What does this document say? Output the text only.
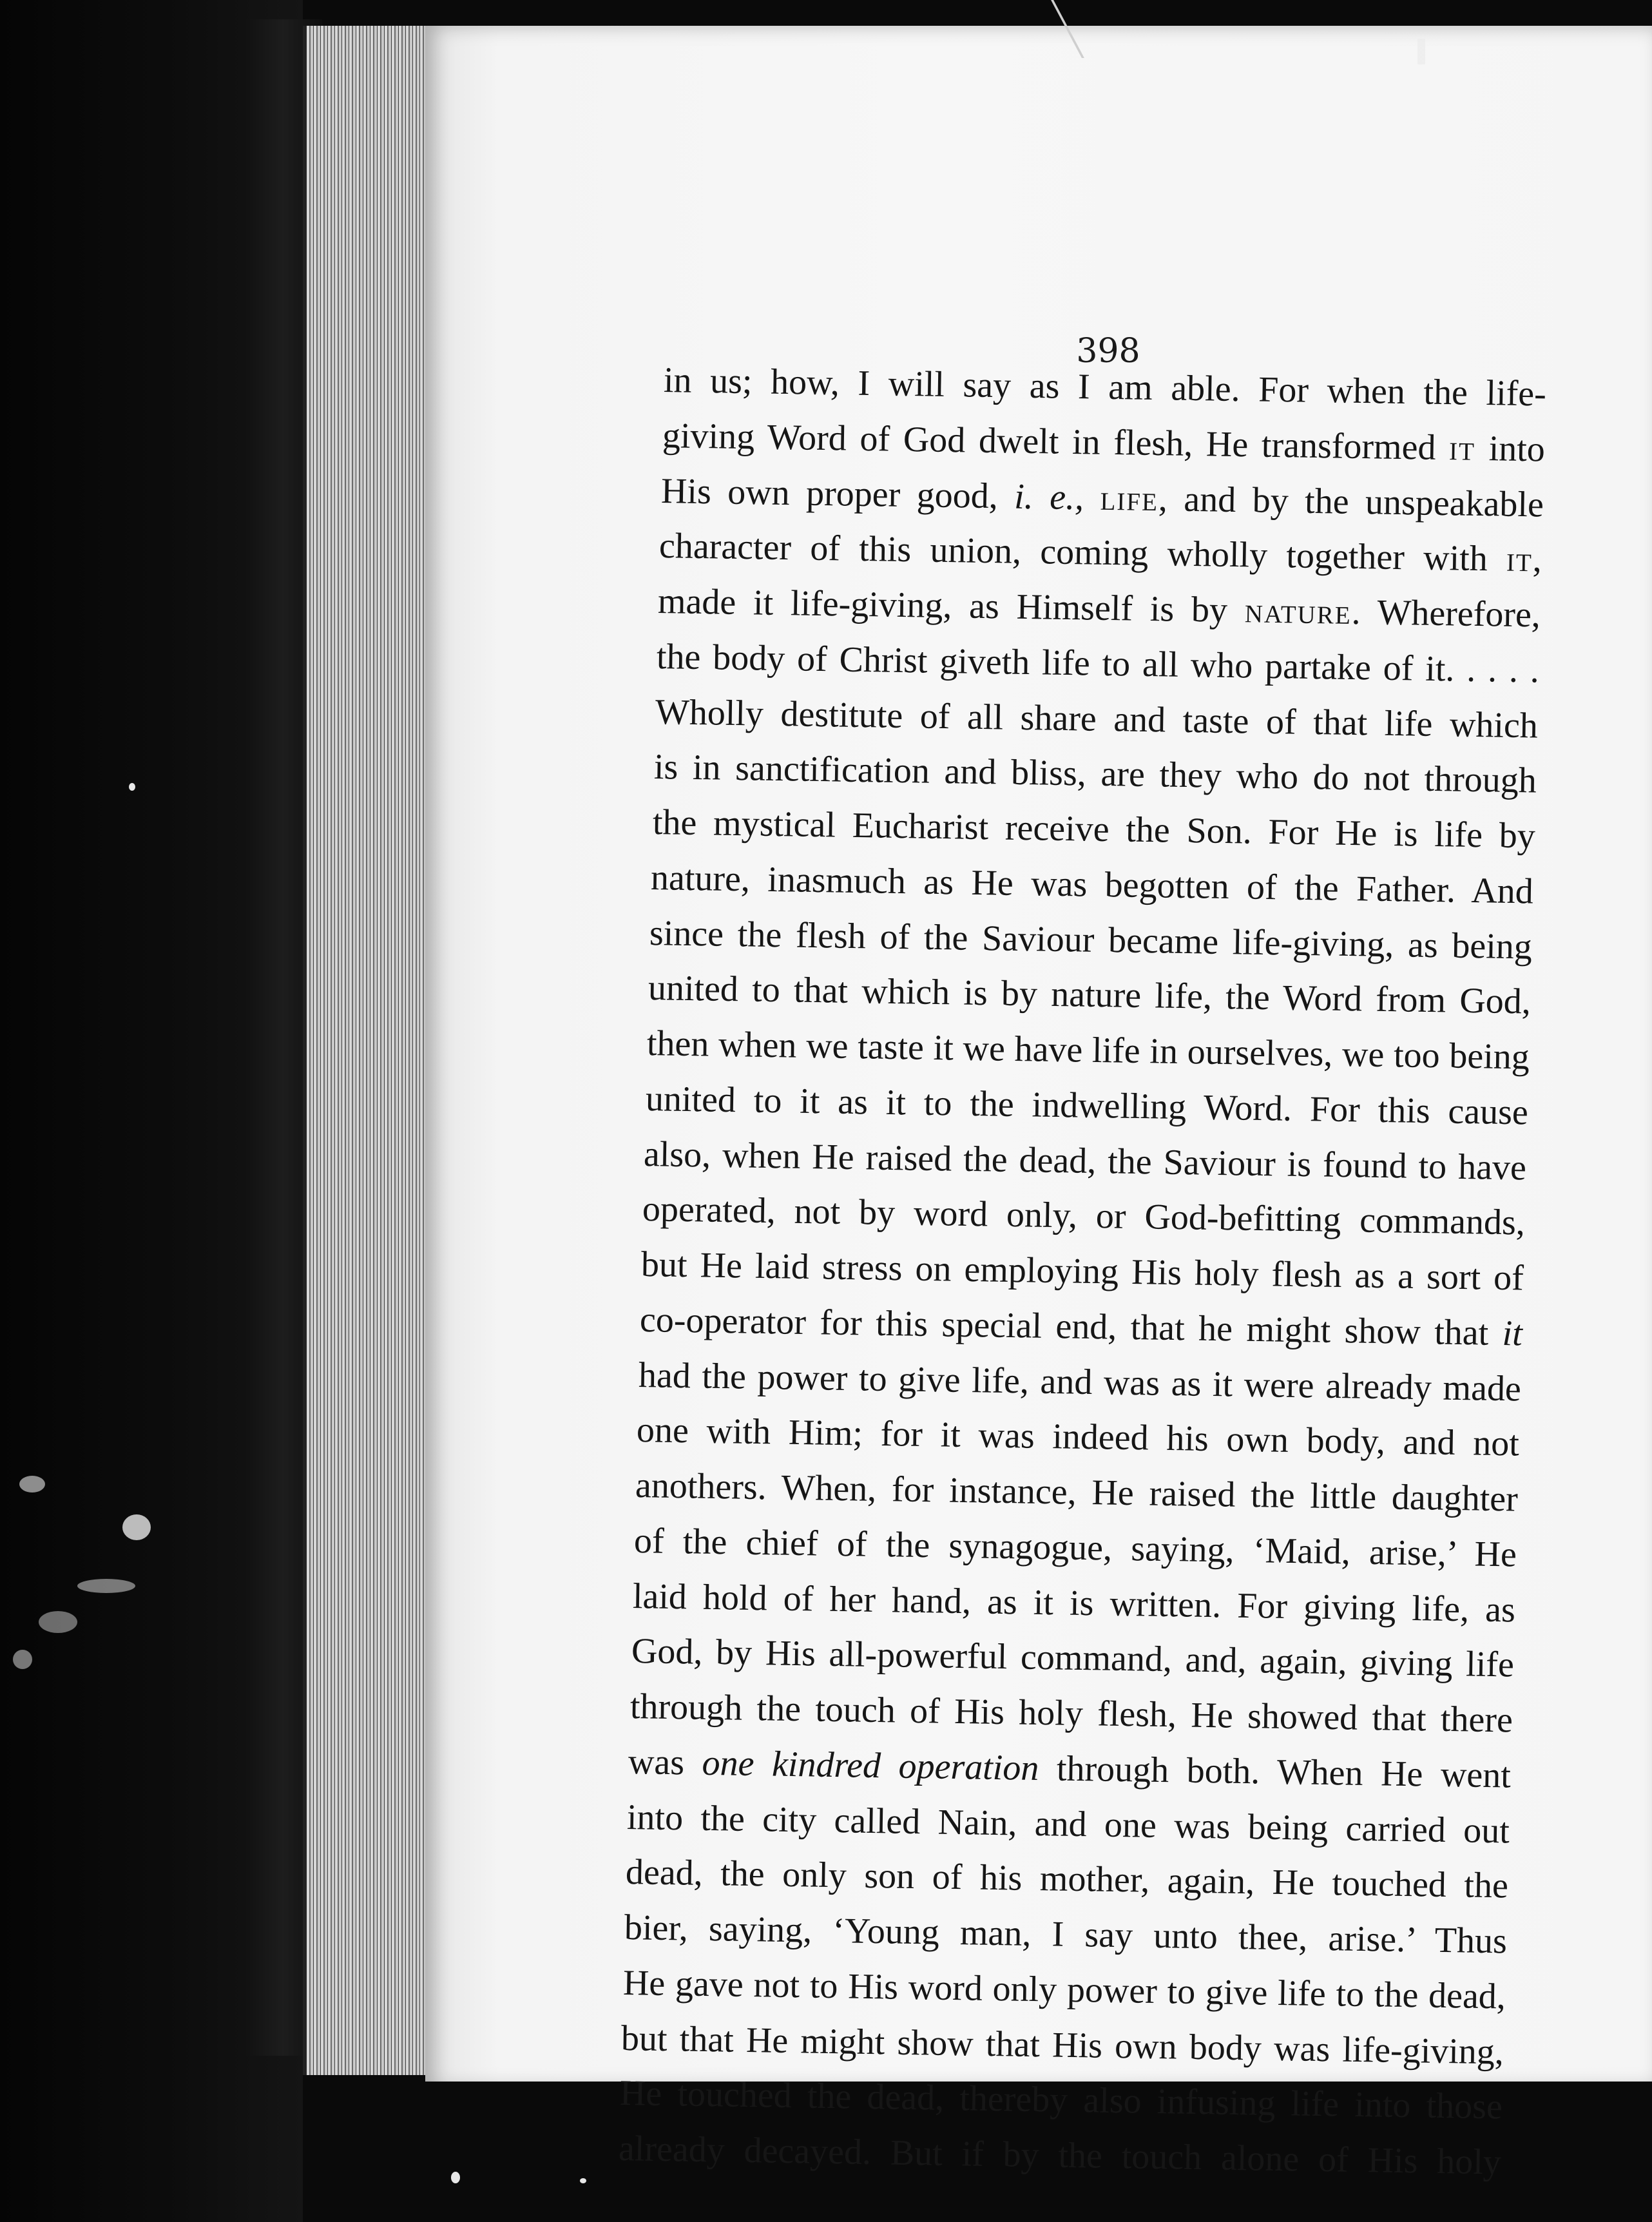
398
in us; how, I will say as I am able. For when the life-
giving Word of God dwelt in flesh, He transformed it into
His own proper good, i. e., life, and by the unspeakable
character of this union, coming wholly together with it,
made it life-giving, as Himself is by nature. Wherefore,
the body of Christ giveth life to all who partake of it. . . . .
Wholly destitute of all share and taste of that life which
is in sanctification and bliss, are they who do not through
the mystical Eucharist receive the Son. For He is life by
nature, inasmuch as He was begotten of the Father. And
since the flesh of the Saviour became life-giving, as being
united to that which is by nature life, the Word from God,
then when we taste it we have life in ourselves, we too being
united to it as it to the indwelling Word. For this cause
also, when He raised the dead, the Saviour is found to have
operated, not by word only, or God-befitting commands,
but He laid stress on employing His holy flesh as a sort of
co-operator for this special end, that he might show that it
had the power to give life, and was as it were already made
one with Him; for it was indeed his own body, and not
anothers. When, for instance, He raised the little daughter
of the chief of the synagogue, saying, ‘Maid, arise,’ He
laid hold of her hand, as it is written. For giving life, as
God, by His all-powerful command, and, again, giving life
through the touch of His holy flesh, He showed that there
was one kindred operation through both. When He went
into the city called Nain, and one was being carried out
dead, the only son of his mother, again, He touched the
bier, saying, ‘Young man, I say unto thee, arise.’ Thus
He gave not to His word only power to give life to the dead,
but that He might show that His own body was life-giving,
He touched the dead, thereby also infusing life into those
already decayed. But if by the touch alone of His holy
